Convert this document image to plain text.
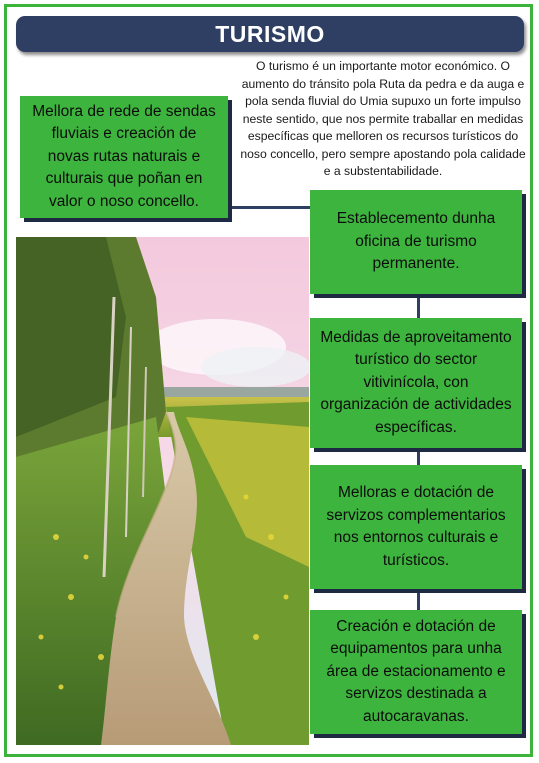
TURISMO
O turismo é un importante motor económico. O aumento do tránsito pola Ruta da pedra e da auga e pola senda fluvial do Umia supuxo un forte impulso neste sentido, que nos permite traballar en medidas específicas que melloren os recursos turísticos do noso concello, pero sempre apostando pola calidade e a substentabilidade.
Mellora de rede de sendas fluviais e creación de novas rutas naturais e culturais que poñan en valor o noso concello.
Establecemento dunha oficina de turismo permanente.
Medidas de aproveitamento turístico do sector vitivinícola, con organización de actividades específicas.
Melloras e dotación de servizos complementarios nos entornos culturais e turísticos.
Creación e dotación de equipamentos para unha área de estacionamento e servizos destinada a autocaravanas.
